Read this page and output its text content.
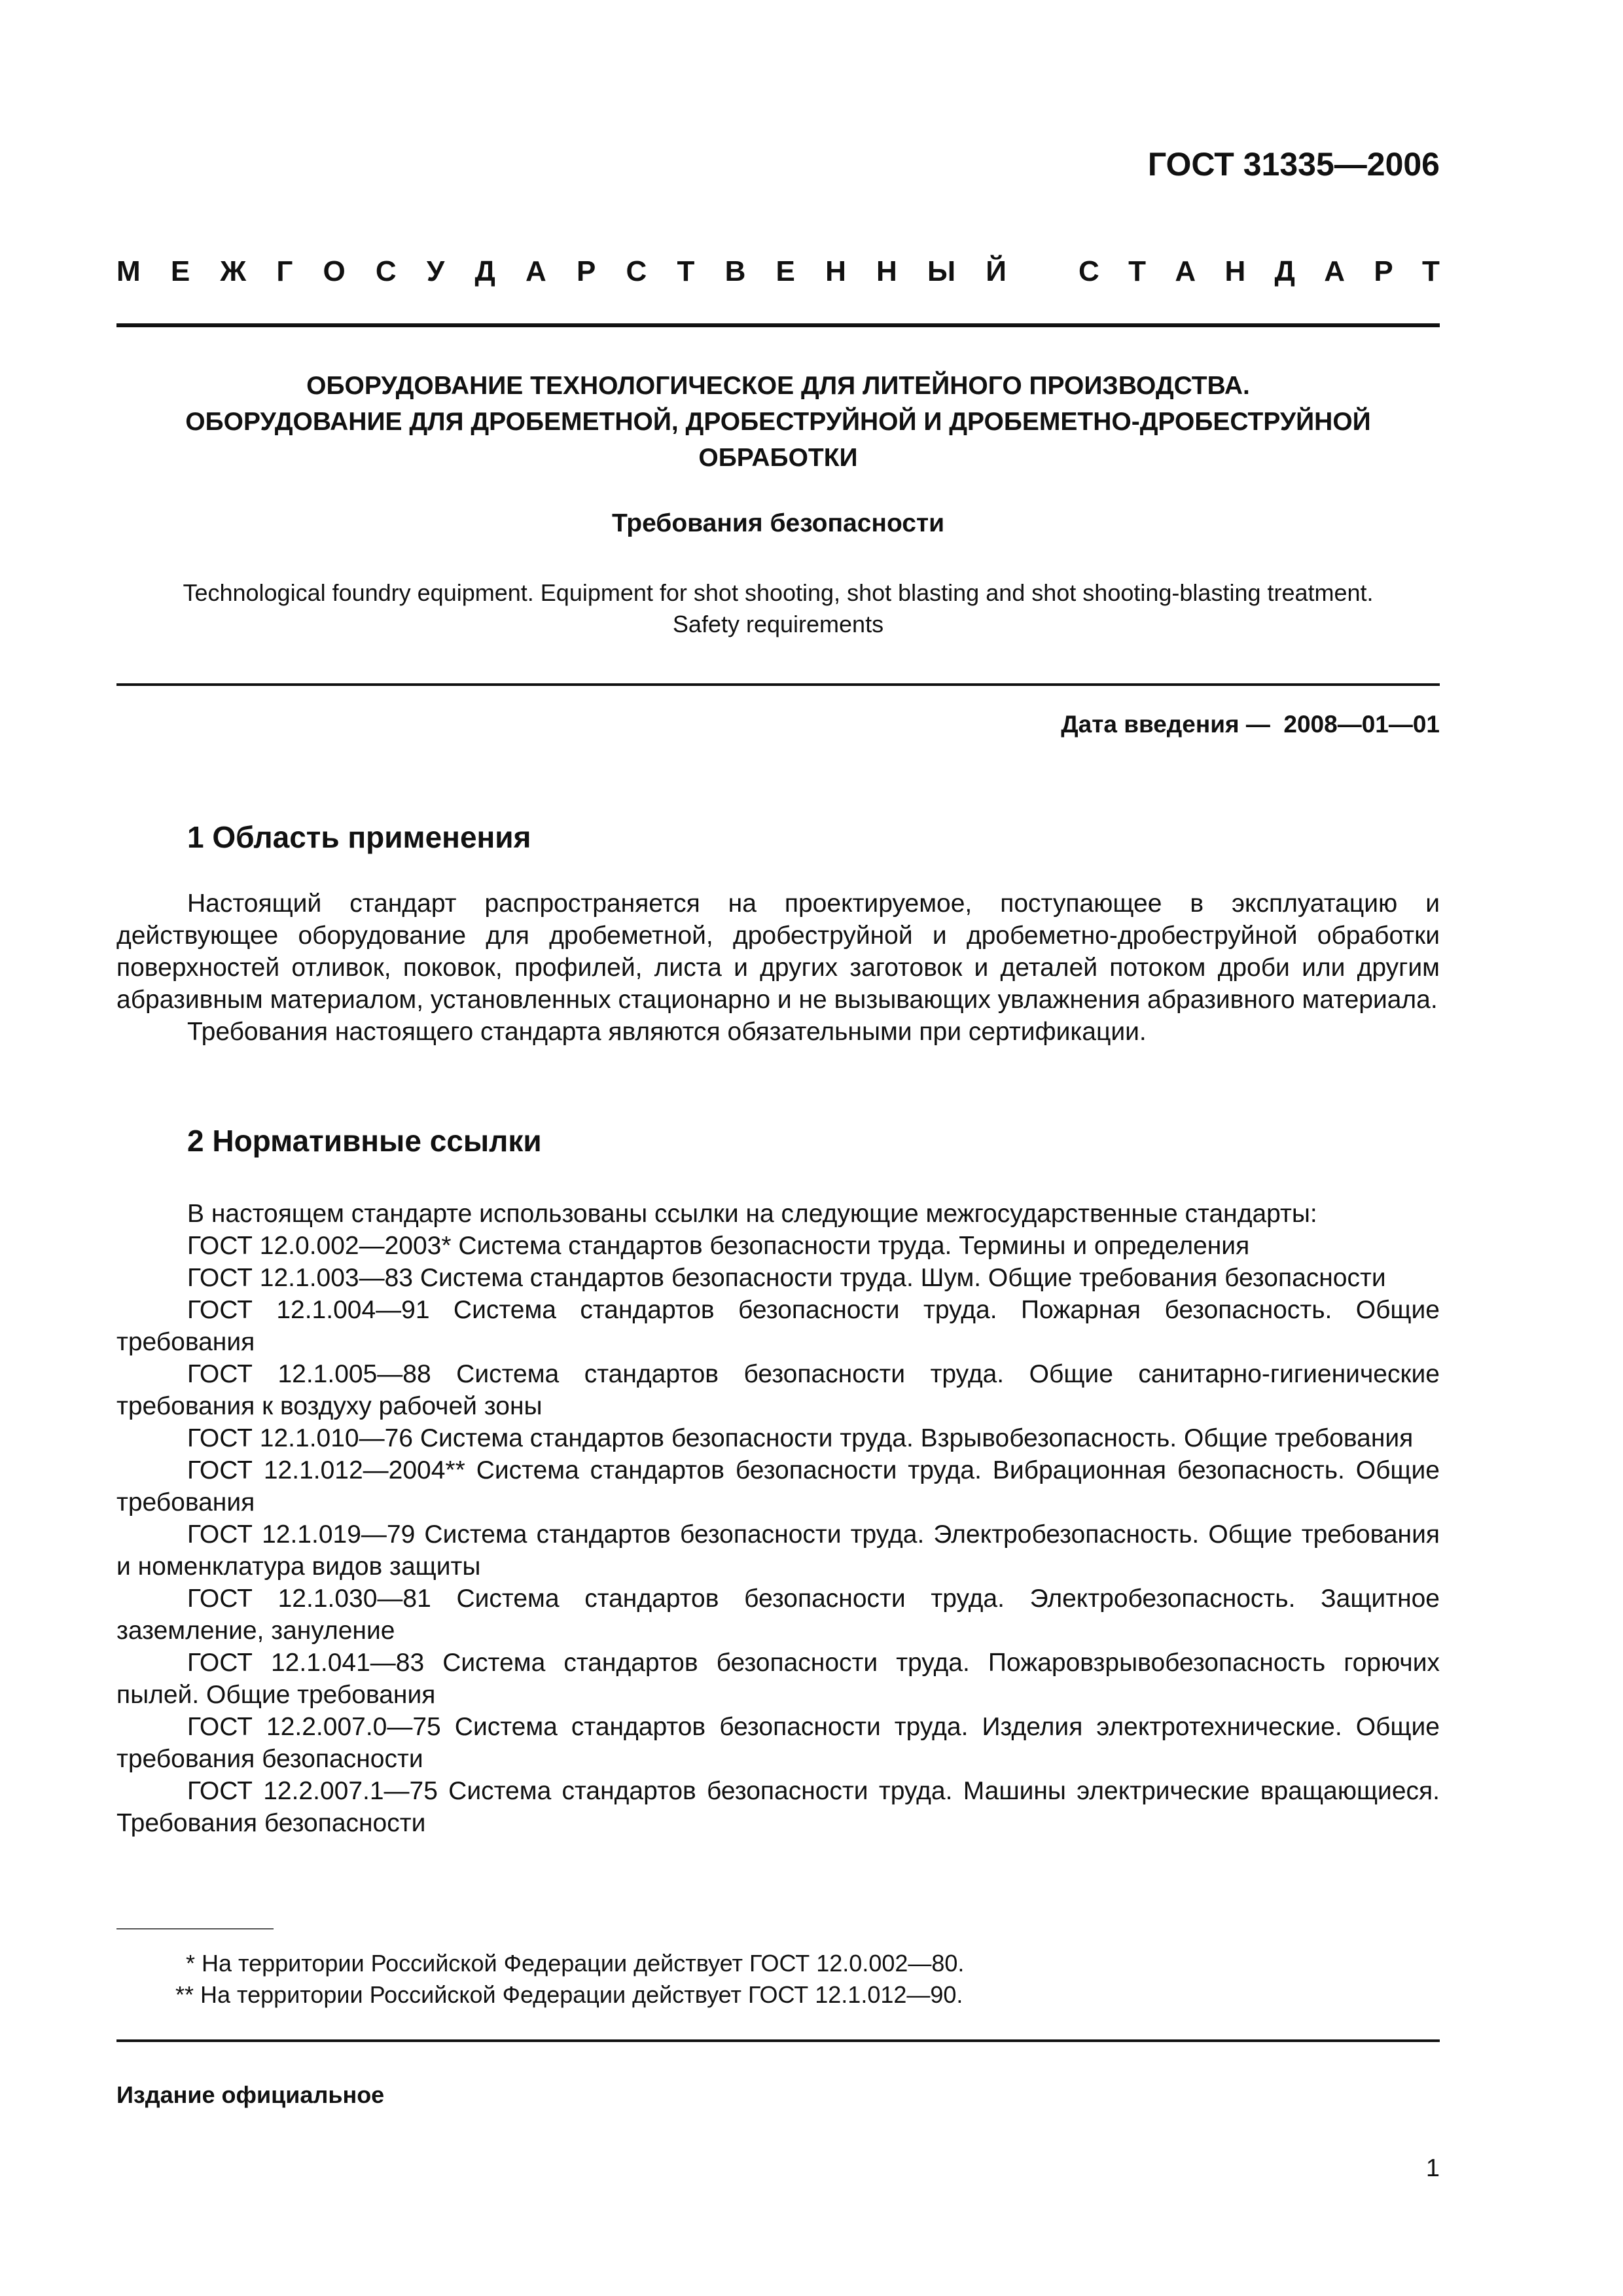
ГОСТ 31335—2006
М Е Ж Г О С У Д А Р С Т В Е Н Н Ы Й	С Т А Н Д А Р Т
ОБОРУДОВАНИЕ ТЕХНОЛОГИЧЕСКОЕ ДЛЯ ЛИТЕЙНОГО ПРОИЗВОДСТВА.
ОБОРУДОВАНИЕ ДЛЯ ДРОБЕМЕТНОЙ, ДРОБЕСТРУЙНОЙ И ДРОБЕМЕТНО-ДРОБЕСТРУЙНОЙ
ОБРАБОТКИ
Требования безопасности
Technological foundry equipment. Equipment for shot shooting, shot blasting and shot shooting-blasting treatment.
Safety requirements
Дата введения —  2008—01—01
1 Область применения

Настоящий стандарт распространяется на проектируемое, поступающее в эксплуатацию и действующее оборудование для дробеметной, дробеструйной и дробеметно-дробеструйной обработки поверхностей отливок, поковок, профилей, листа и других заготовок и деталей потоком дроби или другим абразивным материалом, установленных стационарно и не вызывающих увлажнения абразивного материала.

Требования настоящего стандарта являются обязательными при сертификации.

2 Нормативные ссылки

В настоящем стандарте использованы ссылки на следующие межгосударственные стандарты:

ГОСТ 12.0.002—2003* Система стандартов безопасности труда. Термины и определения

ГОСТ 12.1.003—83 Система стандартов безопасности труда. Шум. Общие требования безопасности

ГОСТ 12.1.004—91 Система стандартов безопасности труда. Пожарная безопасность. Общие требования

ГОСТ 12.1.005—88 Система стандартов безопасности труда. Общие санитарно-гигиенические требования к воздуху рабочей зоны

ГОСТ 12.1.010—76 Система стандартов безопасности труда. Взрывобезопасность. Общие требования

ГОСТ 12.1.012—2004** Система стандартов безопасности труда. Вибрационная безопасность. Общие требования

ГОСТ 12.1.019—79 Система стандартов безопасности труда. Электробезопасность. Общие требования и номенклатура видов защиты

ГОСТ 12.1.030—81 Система стандартов безопасности труда. Электробезопасность. Защитное заземление, зануление

ГОСТ 12.1.041—83 Система стандартов безопасности труда. Пожаровзрывобезопасность горючих пылей. Общие требования

ГОСТ 12.2.007.0—75 Система стандартов безопасности труда. Изделия электротехнические. Общие требования безопасности

ГОСТ 12.2.007.1—75 Система стандартов безопасности труда. Машины электрические вращающиеся. Требования безопасности

* На территории Российской Федерации действует ГОСТ 12.0.002—80.

** На территории Российской Федерации действует ГОСТ 12.1.012—90.

Издание официальное
1
